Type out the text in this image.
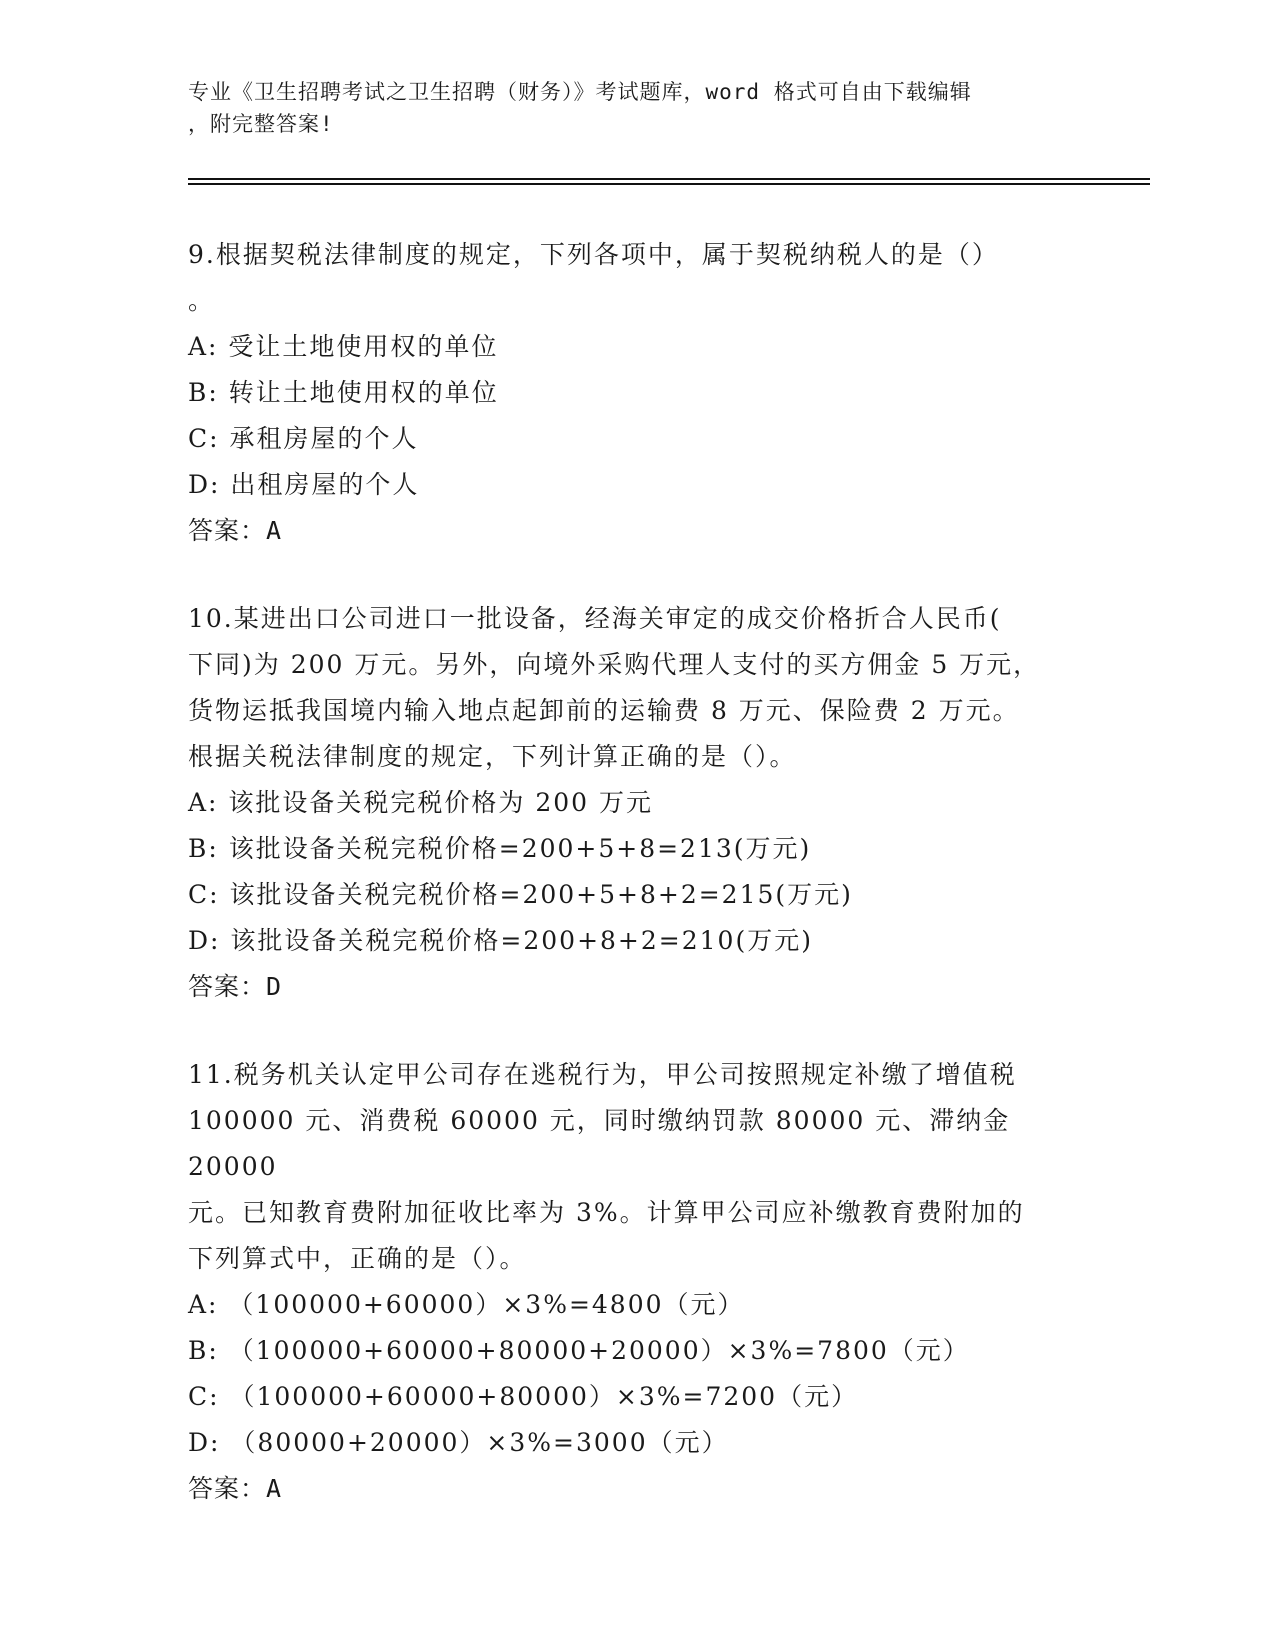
专业《卫生招聘考试之卫生招聘（财务）》考试题库，word 格式可自由下载编辑
，附完整答案!
9.根据契税法律制度的规定，下列各项中，属于契税纳税人的是（）
。
A: 受让土地使用权的单位
B: 转让土地使用权的单位
C: 承租房屋的个人
D: 出租房屋的个人
答案：A
10.某进出口公司进口一批设备，经海关审定的成交价格折合人民币(
下同)为 200 万元。另外，向境外采购代理人支付的买方佣金 5 万元，
货物运抵我国境内输入地点起卸前的运输费 8 万元、保险费 2 万元。
根据关税法律制度的规定，下列计算正确的是（）。
A: 该批设备关税完税价格为 200 万元
B: 该批设备关税完税价格=200+5+8=213(万元)
C: 该批设备关税完税价格=200+5+8+2=215(万元)
D: 该批设备关税完税价格=200+8+2=210(万元)
答案：D
11.税务机关认定甲公司存在逃税行为，甲公司按照规定补缴了增值税
100000 元、消费税 60000 元，同时缴纳罚款 80000 元、滞纳金 20000
元。已知教育费附加征收比率为 3%。计算甲公司应补缴教育费附加的
下列算式中，正确的是（）。
A: （100000+60000）×3%=4800（元）
B: （100000+60000+80000+20000）×3%=7800（元）
C: （100000+60000+80000）×3%=7200（元）
D: （80000+20000）×3%=3000（元）
答案：A
